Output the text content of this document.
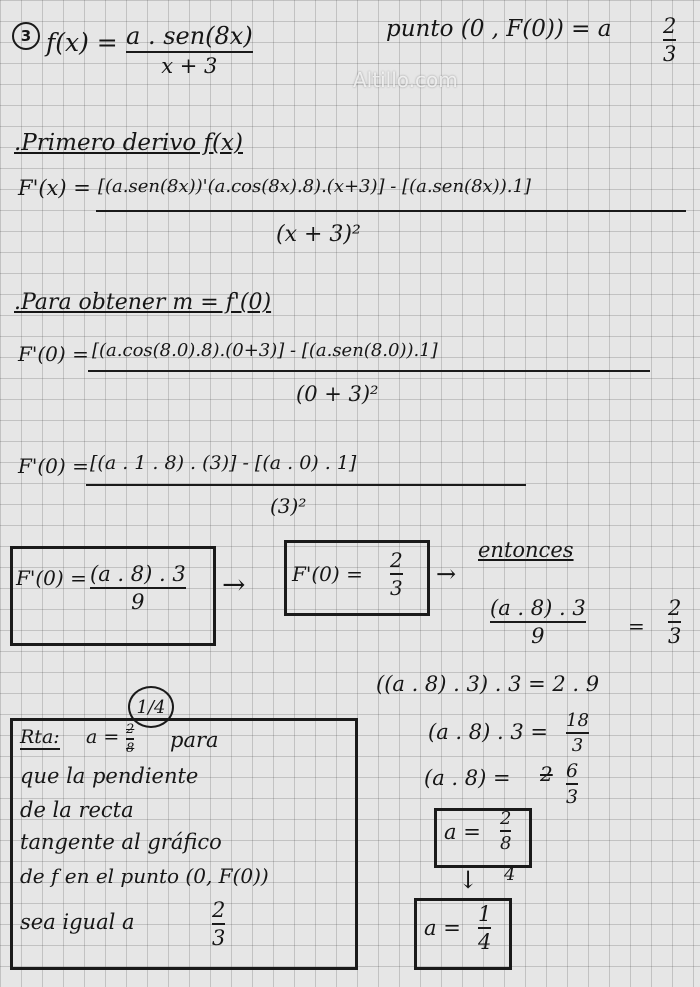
Altillo.com
3 f(x) = a . sen(8x)
x + 3
punto (0 , F(0)) = a 2
3
.Primero derivo f(x)
F'(x) = [(a.sen(8x))'(a.cos(8x).8).(x+3)] - [(a.sen(8x)).1]
(x + 3)²
.Para obtener m = f'(0)
F'(0) = [(a.cos(8.0).8).(0+3)] - [(a.sen(8.0)).1]
(0 + 3)²
F'(0) = [(a . 1 . 8) . (3)] - [(a . 0) . 1]
(3)²
F'(0) = (a . 8) . 3
9
→ F'(0) =
2
3 →
entonces
(a . 8) . 3
9	=
2
3
((a . 8) . 3) . 3 = 2 . 9
(a . 8) . 3 = 18
3
(a . 8) = 2 6
3
a =
2
8
4
↓
a =
1
4
1/4
Rta: a = 2
8 para
que la pendiente
de la recta
tangente al gráfico
de f en el punto (0, F(0))
sea igual a	2
3
